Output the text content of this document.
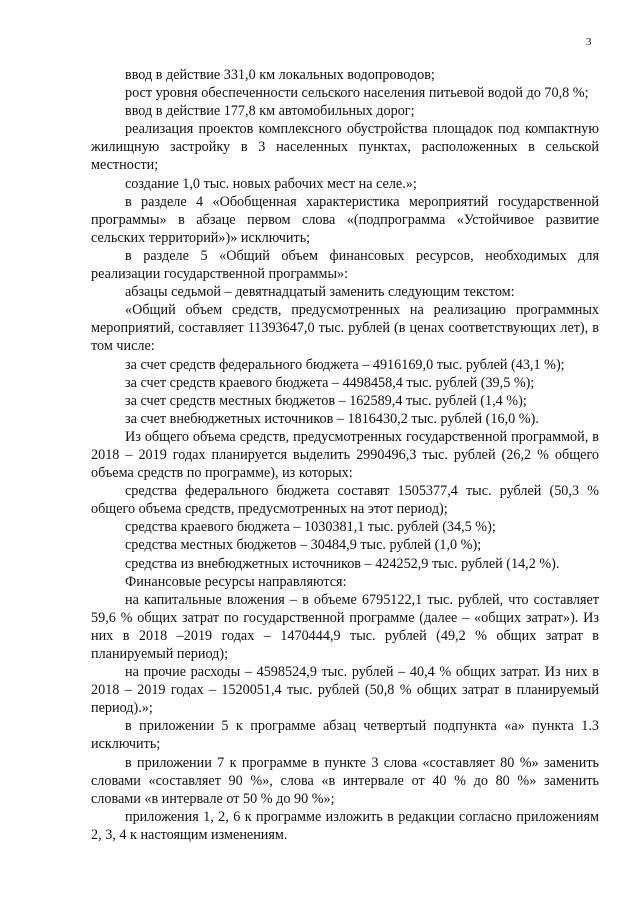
3

ввод в действие 331,0 км локальных водопроводов;

рост уровня обеспеченности сельского населения питьевой водой до 70,8 %;

ввод в действие 177,8 км автомобильных дорог;

реализация проектов комплексного обустройства площадок под компактную жилищную застройку в 3 населенных пунктах, расположенных в сельской местности;

создание 1,0 тыс. новых рабочих мест на селе.»;

в разделе 4 «Обобщенная характеристика мероприятий государственной программы» в абзаце первом слова «(подпрограмма «Устойчивое развитие сельских территорий»)» исключить;

в разделе 5 «Общий объем финансовых ресурсов, необходимых для реализации государственной программы»:

абзацы седьмой – девятнадцатый заменить следующим текстом:

«Общий объем средств, предусмотренных на реализацию программных мероприятий, составляет 11393647,0 тыс. рублей (в ценах соответствующих лет), в том числе:

за счет средств федерального бюджета – 4916169,0 тыс. рублей (43,1 %);

за счет средств краевого бюджета – 4498458,4 тыс. рублей (39,5 %);

за счет средств местных бюджетов – 162589,4 тыс. рублей (1,4 %);

за счет внебюджетных источников – 1816430,2 тыс. рублей (16,0 %).

Из общего объема средств, предусмотренных государственной программой, в 2018 – 2019 годах планируется выделить 2990496,3 тыс. рублей (26,2 % общего объема средств по программе), из которых:

средства федерального бюджета составят 1505377,4 тыс. рублей (50,3 % общего объема средств, предусмотренных на этот период);

средства краевого бюджета – 1030381,1 тыс. рублей (34,5 %);

средства местных бюджетов – 30484,9 тыс. рублей (1,0 %);

средства из внебюджетных источников – 424252,9 тыс. рублей (14,2 %).

Финансовые ресурсы направляются:

на капитальные вложения – в объеме 6795122,1 тыс. рублей, что составляет 59,6 % общих затрат по государственной программе (далее – «общих затрат»). Из них в 2018 –2019 годах – 1470444,9 тыс. рублей (49,2 % общих затрат в планируемый период);

на прочие расходы – 4598524,9 тыс. рублей – 40,4 % общих затрат. Из них в 2018 – 2019 годах – 1520051,4 тыс. рублей (50,8 % общих затрат в планируемый период).»;

в приложении 5 к программе абзац четвертый подпункта «а» пункта 1.3 исключить;

в приложении 7 к программе в пункте 3 слова «составляет 80 %» заменить словами «составляет 90 %», слова «в интервале от 40 % до 80 %» заменить словами «в интервале от 50 % до 90 %»;

приложения 1, 2, 6 к программе изложить в редакции согласно приложениям 2, 3, 4 к настоящим изменениям.
